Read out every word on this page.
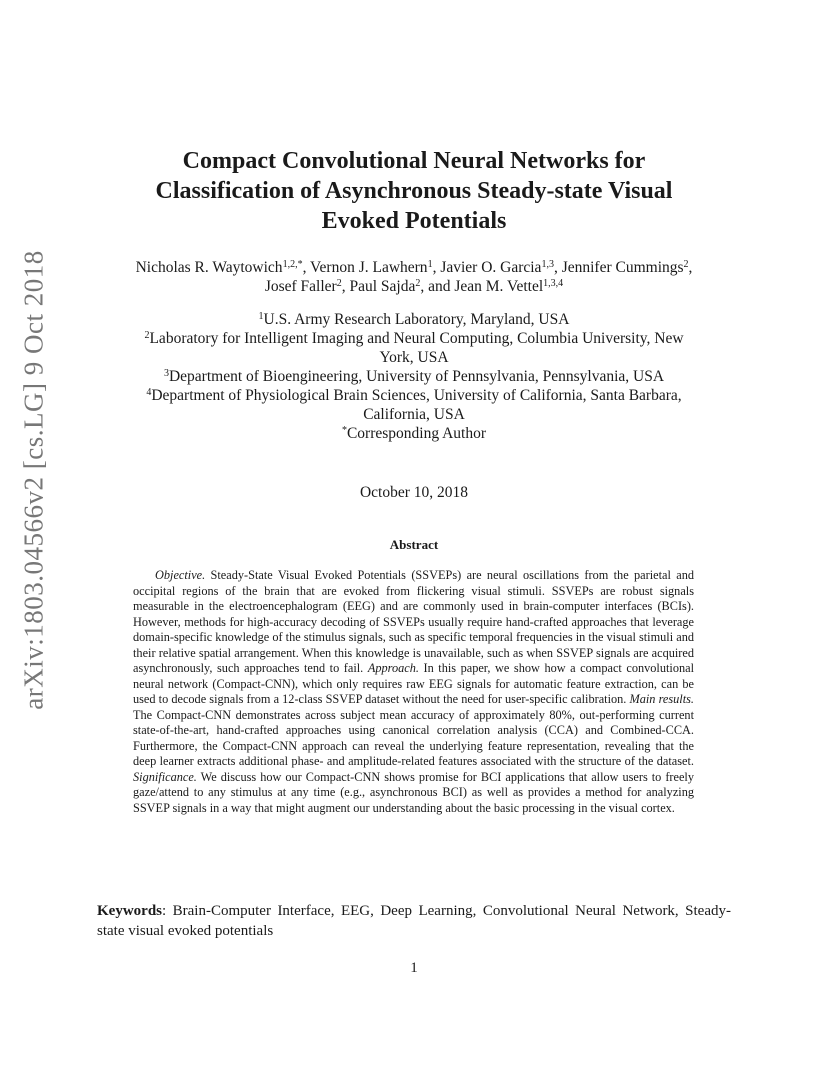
arXiv:1803.04566v2 [cs.LG] 9 Oct 2018
Compact Convolutional Neural Networks for
Classification of Asynchronous Steady-state Visual
Evoked Potentials
Nicholas R. Waytowich$^{1,2,*}$, Vernon J. Lawhern$^1$, Javier O. Garcia$^{1,3}$, Jennifer Cummings$^2$,
Josef Faller$^2$, Paul Sajda$^2$, and Jean M. Vettel$^{1,3,4}$
$^1$U.S. Army Research Laboratory, Maryland, USA
$^2$Laboratory for Intelligent Imaging and Neural Computing, Columbia University, New
York, USA
$^3$Department of Bioengineering, University of Pennsylvania, Pennsylvania, USA
$^4$Department of Physiological Brain Sciences, University of California, Santa Barbara,
California, USA
*Corresponding Author
October 10, 2018
Abstract
Objective. Steady-State Visual Evoked Potentials (SSVEPs) are neural oscillations from the parietal and occipital regions of the brain that are evoked from flickering visual stimuli. SSVEPs are robust signals measurable in the electroencephalogram (EEG) and are commonly used in brain-computer interfaces (BCIs). However, methods for high-accuracy decoding of SSVEPs usually require hand-crafted approaches that leverage domain-specific knowledge of the stimulus signals, such as specific temporal frequencies in the visual stimuli and their relative spatial arrangement. When this knowledge is unavailable, such as when SSVEP signals are acquired asynchronously, such approaches tend to fail. Approach. In this paper, we show how a compact convolutional neural network (Compact-CNN), which only requires raw EEG signals for automatic feature extraction, can be used to decode signals from a 12-class SSVEP dataset without the need for user-specific calibration. Main results. The Compact-CNN demonstrates across subject mean accuracy of approximately 80%, out-performing current state-of-the-art, hand-crafted approaches using canonical correlation analysis (CCA) and Combined-CCA. Furthermore, the Compact-CNN approach can reveal the underlying feature representation, revealing that the deep learner extracts additional phase- and amplitude-related features associated with the structure of the dataset. Significance. We discuss how our Compact-CNN shows promise for BCI applications that allow users to freely gaze/attend to any stimulus at any time (e.g., asynchronous BCI) as well as provides a method for analyzing SSVEP signals in a way that might augment our understanding about the basic processing in the visual cortex.
Keywords: Brain-Computer Interface, EEG, Deep Learning, Convolutional Neural Network, Steady-state visual evoked potentials
1
